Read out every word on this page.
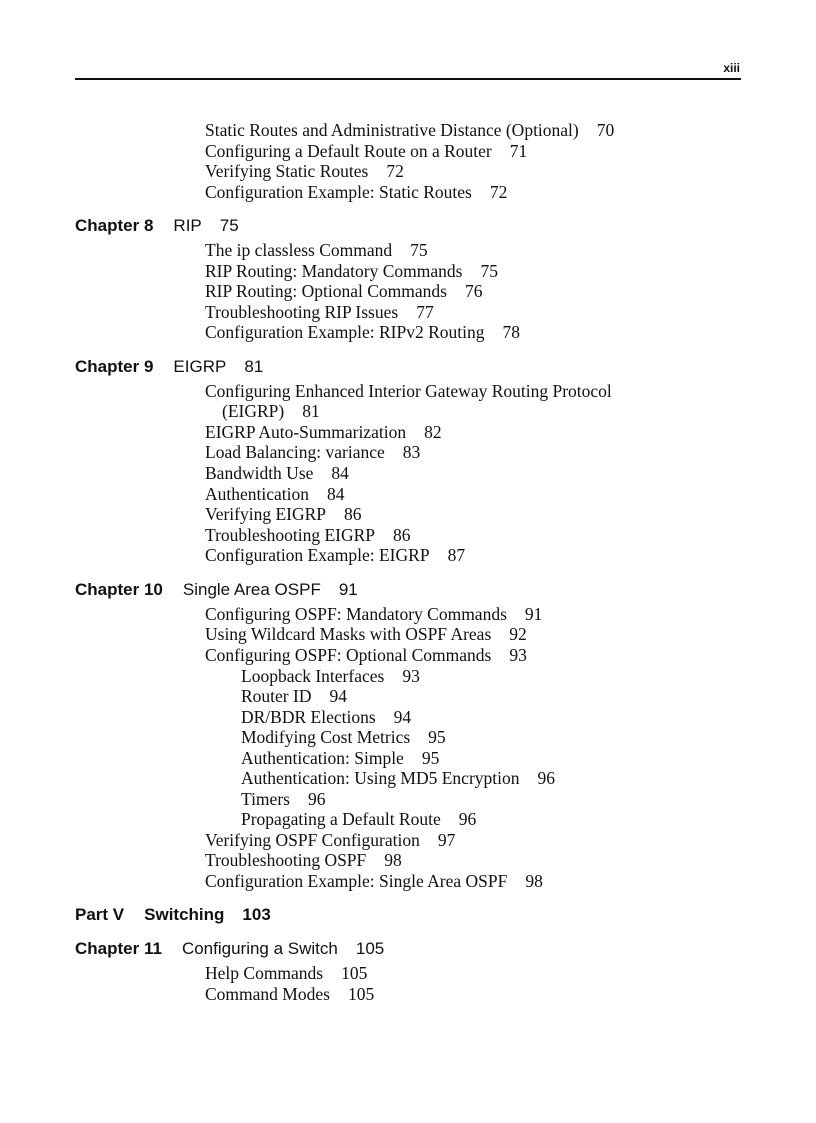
xiii
Static Routes and Administrative Distance (Optional) 70
Configuring a Default Route on a Router 71
Verifying Static Routes 72
Configuration Example: Static Routes 72
Chapter 8 RIP 75
The ip classless Command 75
RIP Routing: Mandatory Commands 75
RIP Routing: Optional Commands 76
Troubleshooting RIP Issues 77
Configuration Example: RIPv2 Routing 78
Chapter 9 EIGRP 81
Configuring Enhanced Interior Gateway Routing Protocol
(EIGRP) 81
EIGRP Auto-Summarization 82
Load Balancing: variance 83
Bandwidth Use 84
Authentication 84
Verifying EIGRP 86
Troubleshooting EIGRP 86
Configuration Example: EIGRP 87
Chapter 10 Single Area OSPF 91
Configuring OSPF: Mandatory Commands 91
Using Wildcard Masks with OSPF Areas 92
Configuring OSPF: Optional Commands 93
Loopback Interfaces 93
Router ID 94
DR/BDR Elections 94
Modifying Cost Metrics 95
Authentication: Simple 95
Authentication: Using MD5 Encryption 96
Timers 96
Propagating a Default Route 96
Verifying OSPF Configuration 97
Troubleshooting OSPF 98
Configuration Example: Single Area OSPF 98
Part V Switching 103
Chapter 11 Configuring a Switch 105
Help Commands 105
Command Modes 105
